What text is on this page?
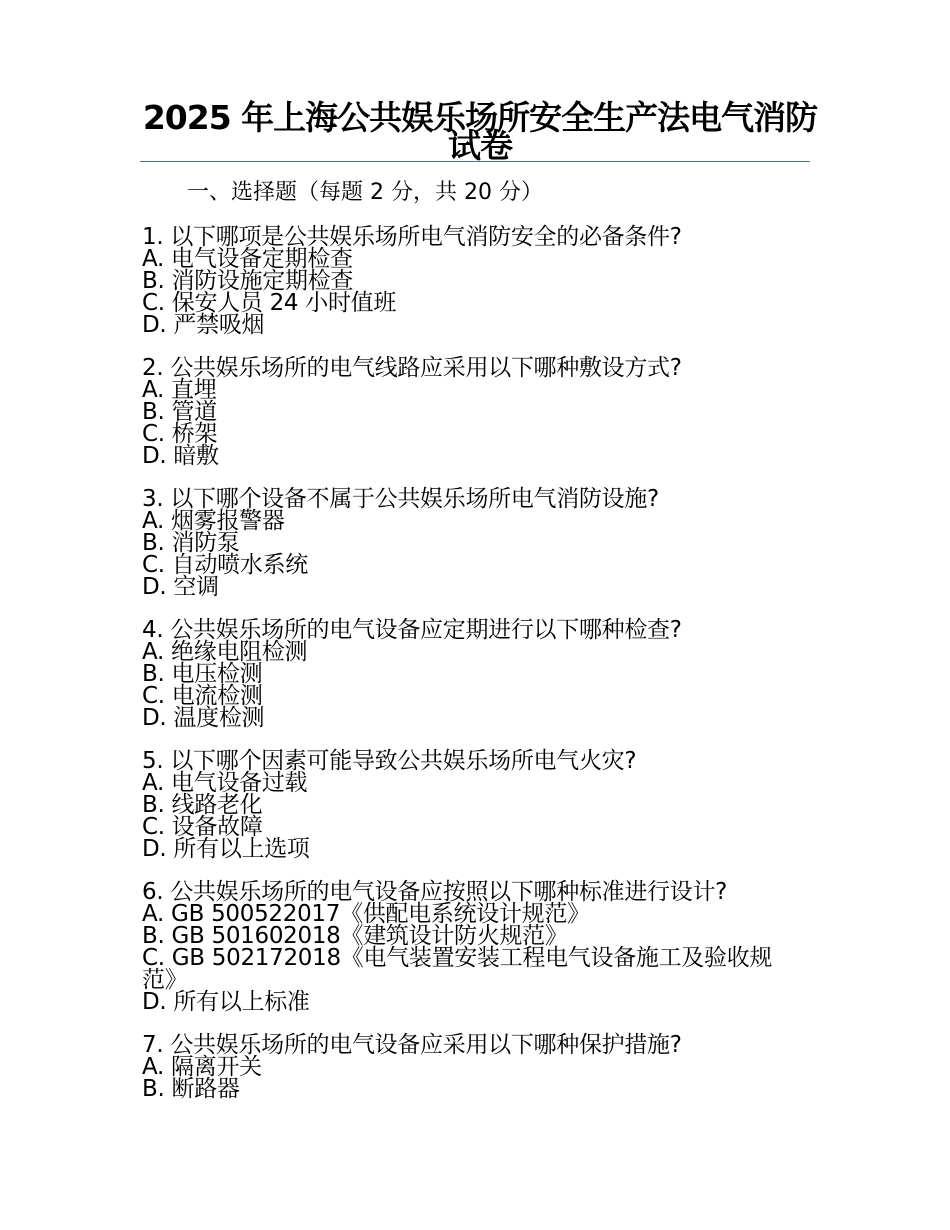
2025 年上海公共娱乐场所安全生产法电气消防试卷
一、选择题（每题 2 分，共 20 分）
1. 以下哪项是公共娱乐场所电气消防安全的必备条件?
A. 电气设备定期检查
B. 消防设施定期检查
C. 保安人员 24 小时值班
D. 严禁吸烟
2. 公共娱乐场所的电气线路应采用以下哪种敷设方式?
A. 直埋
B. 管道
C. 桥架
D. 暗敷
3. 以下哪个设备不属于公共娱乐场所电气消防设施?
A. 烟雾报警器
B. 消防泵
C. 自动喷水系统
D. 空调
4. 公共娱乐场所的电气设备应定期进行以下哪种检查?
A. 绝缘电阻检测
B. 电压检测
C. 电流检测
D. 温度检测
5. 以下哪个因素可能导致公共娱乐场所电气火灾?
A. 电气设备过载
B. 线路老化
C. 设备故障
D. 所有以上选项
6. 公共娱乐场所的电气设备应按照以下哪种标准进行设计?
A. GB 500522017《供配电系统设计规范》
B. GB 501602018《建筑设计防火规范》
C. GB 502172018《电气装置安装工程电气设备施工及验收规范》
D. 所有以上标准
7. 公共娱乐场所的电气设备应采用以下哪种保护措施?
A. 隔离开关
B. 断路器
